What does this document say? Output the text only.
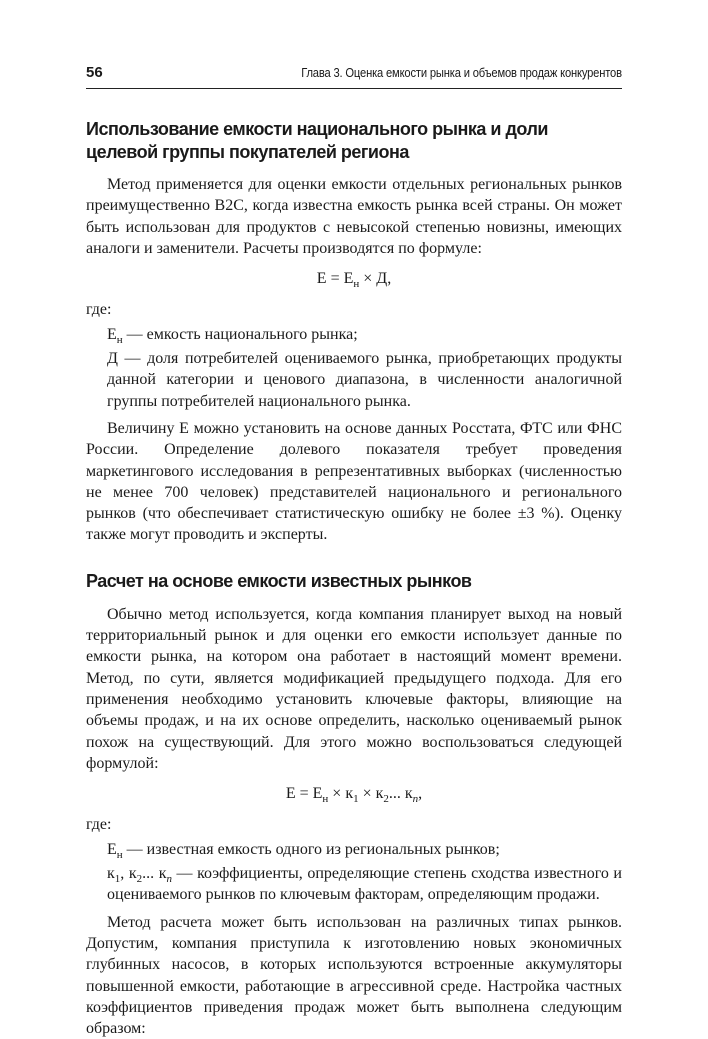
56	Глава 3. Оценка емкости рынка и объемов продаж конкурентов
Использование емкости национального рынка и доли целевой группы покупателей региона

Метод применяется для оценки емкости отдельных региональных рынков преимущественно B2C, когда известна емкость рынка всей страны. Он может быть использован для продуктов с невысокой степенью новизны, имеющих аналоги и заменители. Расчеты производятся по формуле:

$Е = Е_н \times Д$,

где:

$Е_н$ — емкость национального рынка;

Д — доля потребителей оцениваемого рынка, приобретающих продукты данной категории и ценового диапазона, в численности аналогичной группы потребителей национального рынка.

Величину Е можно установить на основе данных Росстата, ФТС или ФНС России. Определение долевого показателя требует проведения маркетингового исследования в репрезентативных выборках (численностью не менее 700 человек) представителей национального и регионального рынков (что обеспечивает статистическую ошибку не более ±3 %). Оценку также могут проводить и эксперты.

Расчет на основе емкости известных рынков

Обычно метод используется, когда компания планирует выход на новый территориальный рынок и для оценки его емкости использует данные по емкости рынка, на котором она работает в настоящий момент времени. Метод, по сути, является модификацией предыдущего подхода. Для его применения необходимо установить ключевые факторы, влияющие на объемы продаж, и на их основе определить, насколько оцениваемый рынок похож на существующий. Для этого можно воспользоваться следующей формулой:

$Е = Е_н \times к_1 \times к_2$... $к_n$,

где:

$Е_н$ — известная емкость одного из региональных рынков;

$к_1$, $к_2$... $к_n$ — коэффициенты, определяющие степень сходства известного и оцениваемого рынков по ключевым факторам, определяющим продажи.

Метод расчета может быть использован на различных типах рынков. Допустим, компания приступила к изготовлению новых экономичных глубинных насосов, в которых используются встроенные аккумуляторы повышенной емкости, работающие в агрессивной среде. Настройка частных коэффициентов приведения продаж может быть выполнена следующим образом:
